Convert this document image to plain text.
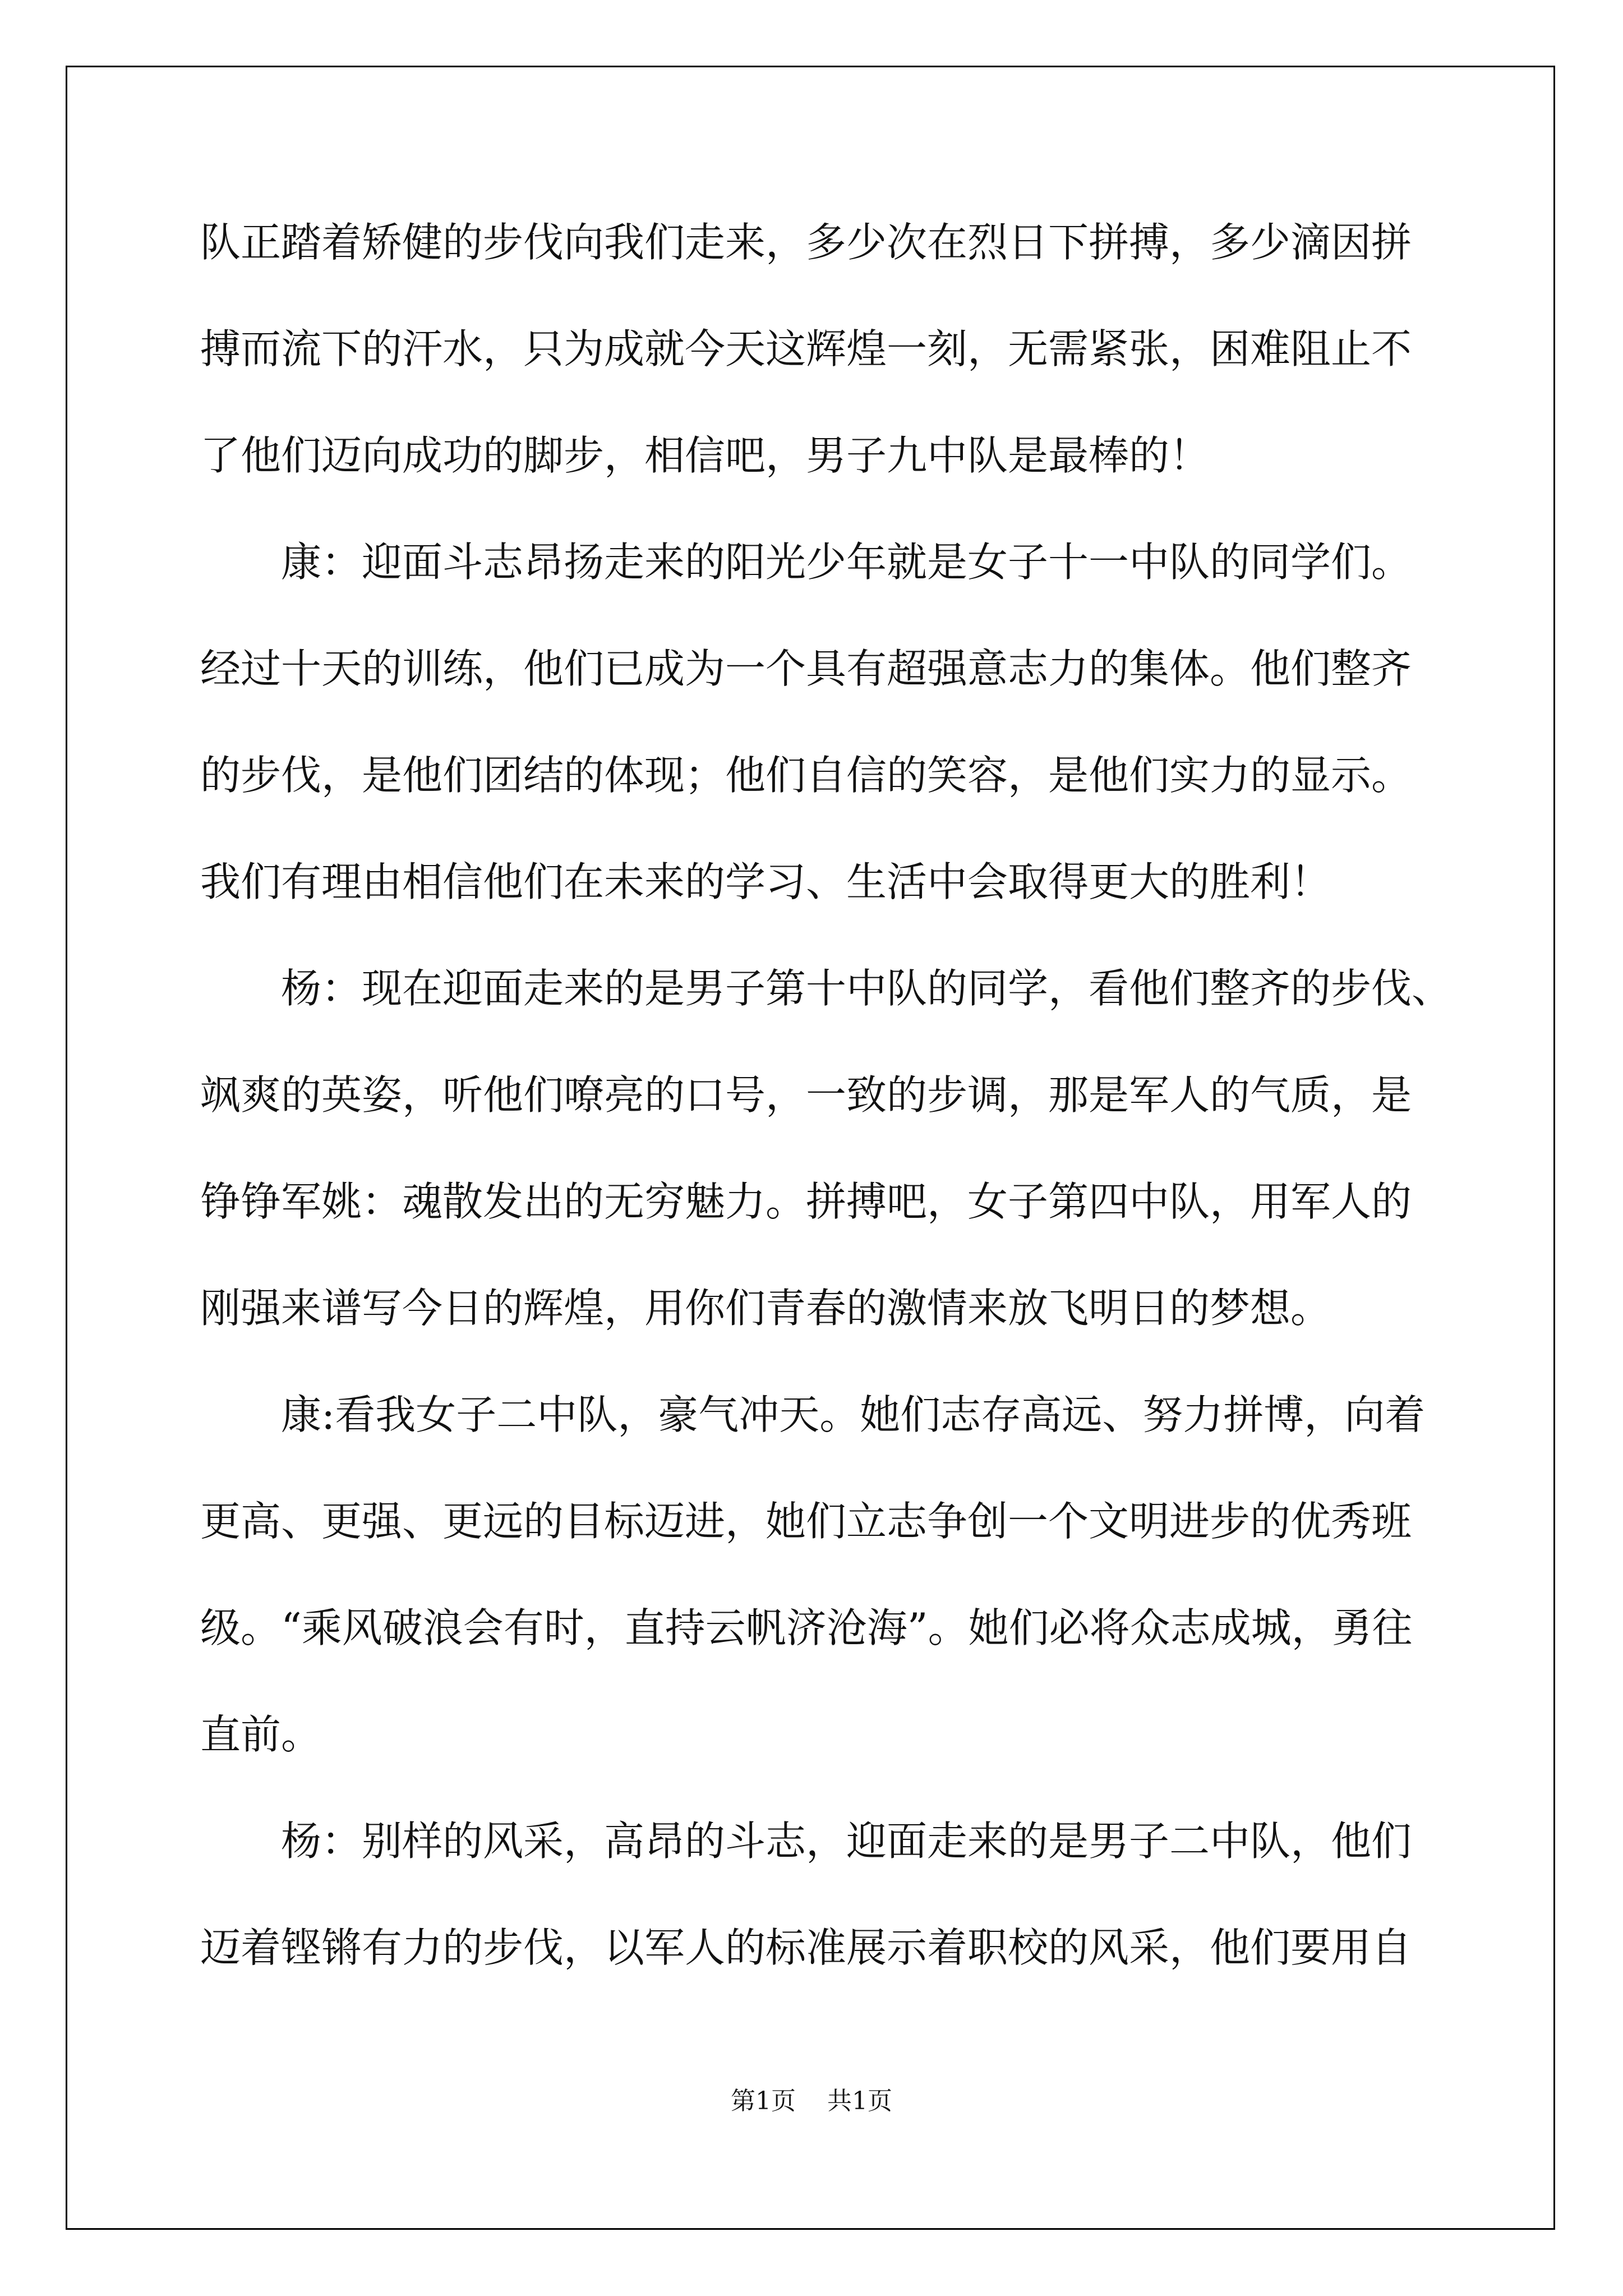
队正踏着矫健的步伐向我们走来，多少次在烈日下拼搏，多少滴因拼
搏而流下的汗水，只为成就今天这辉煌一刻，无需紧张，困难阻止不
了他们迈向成功的脚步，相信吧，男子九中队是最棒的！
康：迎面斗志昂扬走来的阳光少年就是女子十一中队的同学们。
经过十天的训练，他们已成为一个具有超强意志力的集体。他们整齐
的步伐，是他们团结的体现；他们自信的笑容，是他们实力的显示。
我们有理由相信他们在未来的学习、生活中会取得更大的胜利！
杨：现在迎面走来的是男子第十中队的同学，看他们整齐的步伐、
飒爽的英姿，听他们嘹亮的口号，一致的步调，那是军人的气质，是
铮铮军姚：魂散发出的无穷魅力。拼搏吧，女子第四中队，用军人的
刚强来谱写今日的辉煌，用你们青春的激情来放飞明日的梦想。
康:看我女子二中队，豪气冲天。她们志存高远、努力拼博，向着
更高、更强、更远的目标迈进，她们立志争创一个文明进步的优秀班
级。“乘风破浪会有时，直持云帆济沧海”。她们必将众志成城，勇往
直前。
杨：别样的风采，高昂的斗志，迎面走来的是男子二中队，他们
迈着铿锵有力的步伐，以军人的标准展示着职校的风采，他们要用自
第1页 共1页
